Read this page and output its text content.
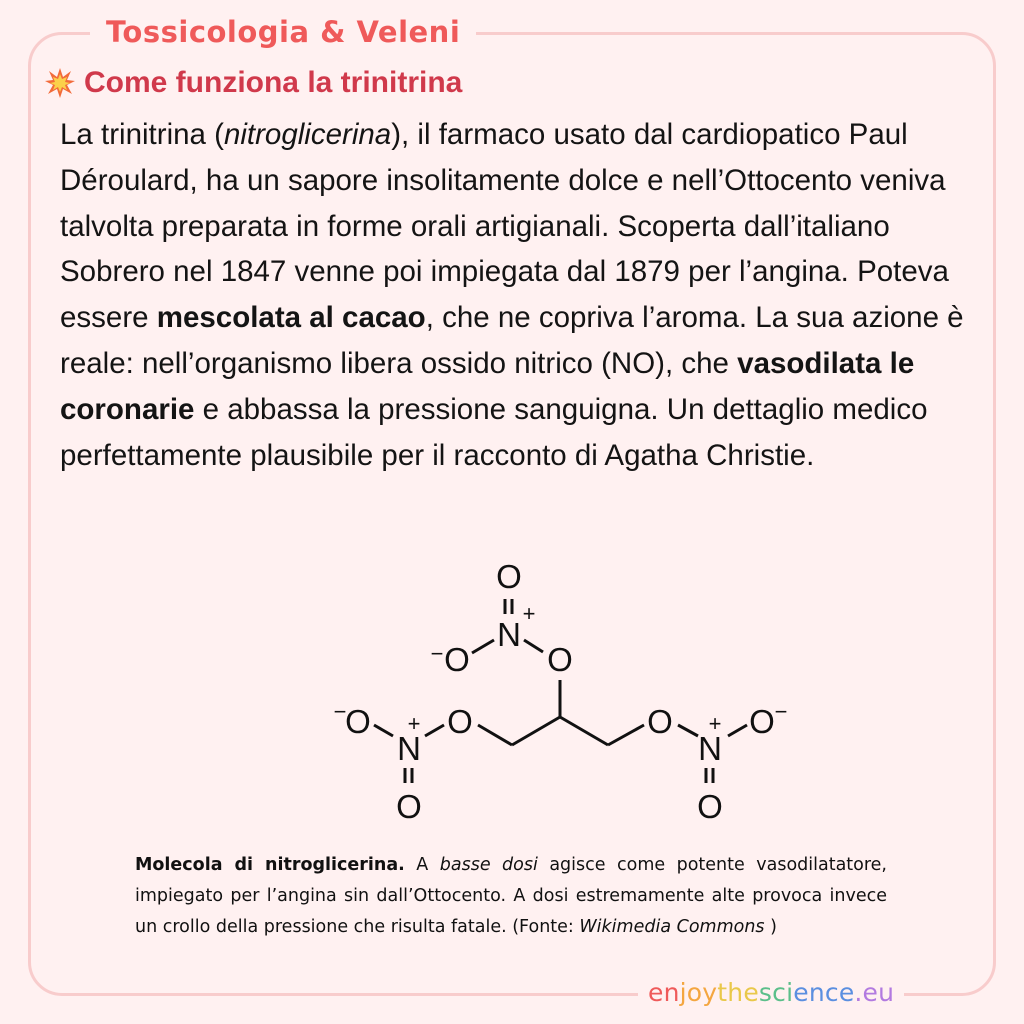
Tossicologia & Veleni
Come funziona la trinitrina

La trinitrina (nitroglicerina), il farmaco usato dal cardiopatico Paul Déroulard, ha un sapore insolitamente dolce e nell’Ottocento veniva talvolta preparata in forme orali artigianali. Scoperta dall’italiano Sobrero nel 1847 venne poi impiegata dal 1879 per l’angina. Poteva essere mescolata al cacao, che ne copriva l’aroma. La sua azione è reale: nell’organismo libera ossido nitrico (NO), che vasodilata le coronarie e abbassa la pressione sanguigna. Un dettaglio medico perfettamente plausibile per il racconto di Agatha Christie.

O
N
O O
O O
N
O
O O
N
O
+
−
−	+	+ −

Molecola di nitroglicerina. A basse dosi agisce come potente vasodilatatore, impiegato per l’angina sin dall’Ottocento. A dosi estremamente alte provoca invece un crollo della pressione che risulta fatale. (Fonte: Wikimedia Commons )

en joy the sci ence .eu
